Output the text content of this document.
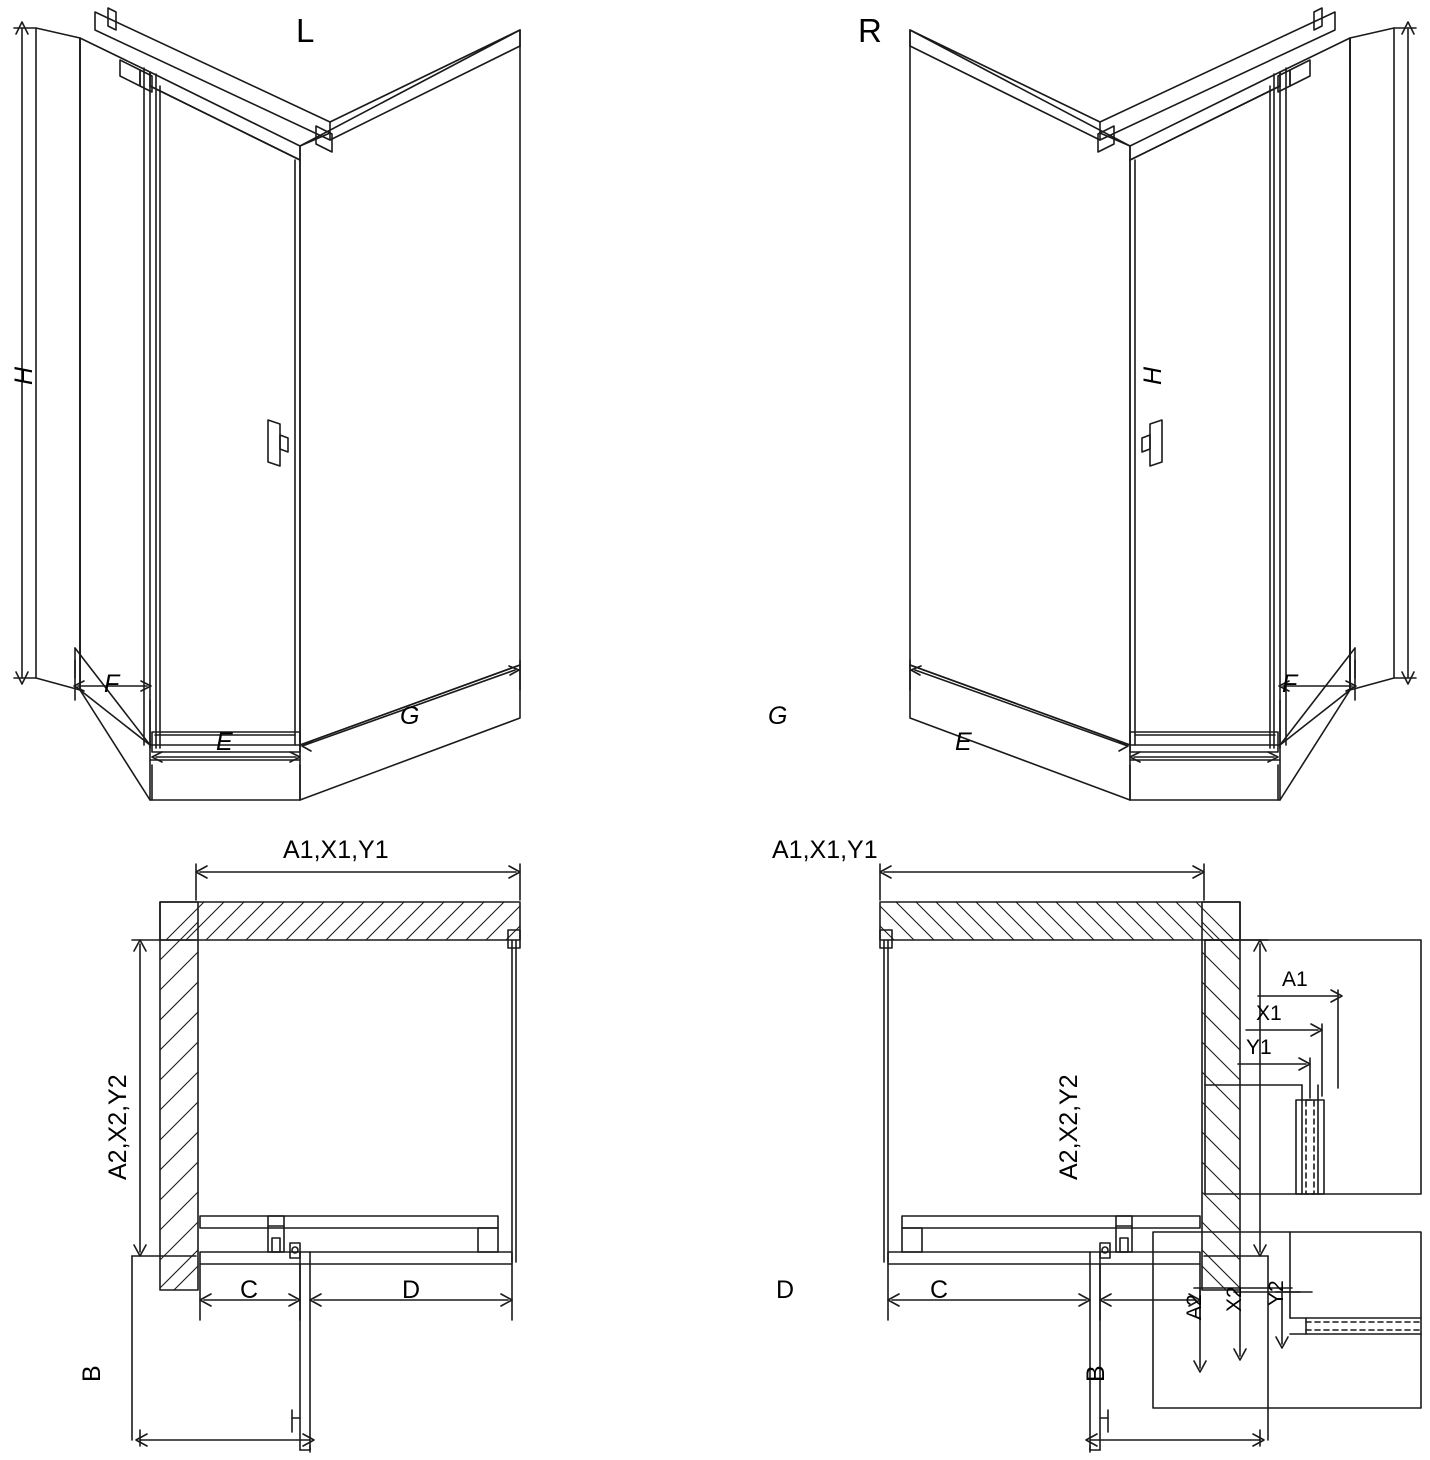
L
H
F
E
G
R
H
F
E
G
A1,X1,Y1
A2,X2,Y2
C	D
B
A1,X1,Y1
A2,X2,Y2
C
D
B
A1
X1
Y1
A2 X2 Y2
